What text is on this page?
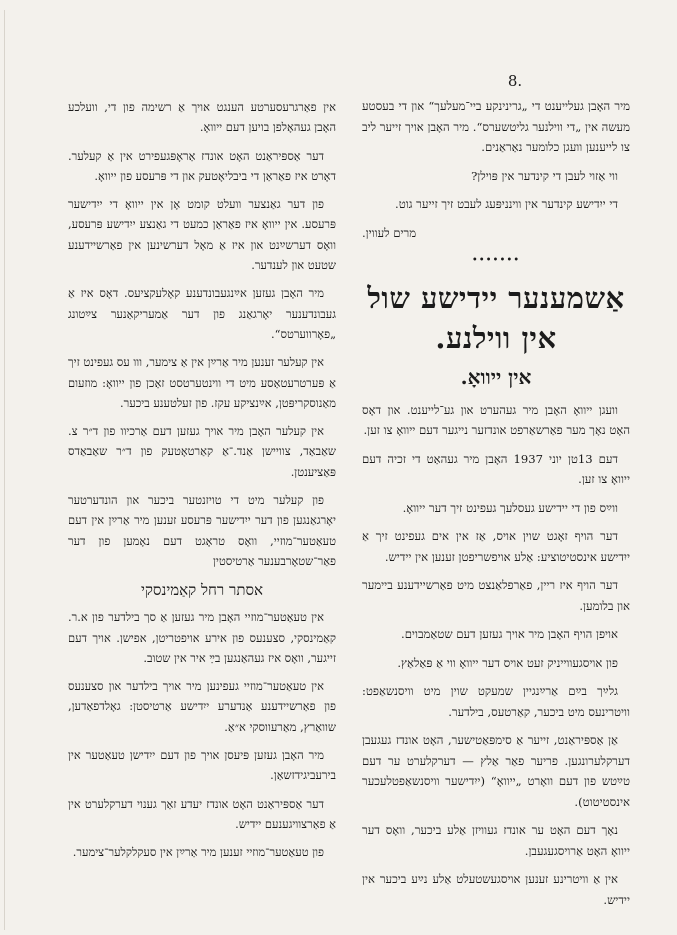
8.

מיר האָבן געלייענט די „גרינינקע ביי־מעלעך“ און די בעסטע מעשה אין „די ווילנער גליטשערס“. מיר האָבן אויך זייער ליב צו לייענען וועגן כלומער נאַראַנים.

ווי אַזוי לעבן די קינדער אין פּוילן?

די ייִדישע קינדער אין ווינניפּעג לעבט זיך זייער גוט.

מרים לעווין.
•••••••
אַשמענער יידישע שול
אין ווילנע.
אין ייוואָ.

וועגן ייוואָ האָבן מיר געהערט און גע־לייענט. און דאָס האָט נאָך מער פאַרשאַרפט אונדזער נייגער דעם ייוואָ צו זען.

דעם 13טן יוני 1937 האָבן מיר געהאַט די זכיה דעם ייוואָ צו זען.

ווײַס פון די יידישע געסלעך געפינט זיך דער ייוואָ.

דער הויף זאָגט שוין אויס, אַז אין אים געפינט זיך אַ ייִדישע אינסטיטוציע: אַלע אויפשריפטן זענען אין יידיש.

דער הויף איז ריין, פאַרפלאַנצט מיט פאַרשיידענע ביימער און בלומען.

אויפן הויף האָבן מיר אויך געזען דעם שטאַמבוים.

פון אויסגעווייניק זעט אויס דער ייוואָ ווי אַ פּאַלאַץ.

גלײַך בײַם אַרײַנגיין שמעקט שוין מיט וויסנשאַפט: וויטרינעס מיט ביכער, קאַרטעס, בילדער.

אַן אַספּיראַנט, זייער אַ סימפּאַטישער, האָט אונדז געגעבן דערקלערונגען. פריער פאַר אַלץ — דערקלערט ער דעם טײַטש פון דעם וואָרט „ייוואָ“ (ייִדישער וויסנשאַפטלעכער אינסטיטוט).

נאָך דעם האָט ער אונדז געוויזן אַלע ביכער, וואָס דער ייוואָ האָט אַרויסגעגעבן.

אין אַ וויטרינע זענען אויסגעשטעלט אַלע נײַע ביכער אין יידיש.

אין פאַרגרעסערטע הענגט אויך אַ רשימה פון די, וועלכע האָבן געהאָלפן בויען דעם ייוואָ.

דער אַספּיראַנט האָט אונדז אַראָפּגעפירט אין אַ קעלער. דאָרט איז פאַראַן די ביבליאָטעק און די פּרעסע פון ייוואָ.

פון דער גאַנצער וועלט קומט אָן אין ייוואָ די ייִדישער פּרעסע. אין ייוואָ איז פאַראַן כמעט די גאַנצע ייִדישע פּרעסע, וואָס דערשײַנט און איז אַ מאָל דערשינען אין פאַרשיידענע שטעט און לענדער.

מיר האָבן געזען אײַנגעבונדענע קאָלעקציעס. דאָס איז אַ געבונדענער יאָרגאַנג פון דער אַמעריקאַנער צײַטונג „פאָרווערטס“.

אין קעלער זענען מיר אַרײַן אין אַ צימער, ווו עס געפינט זיך אַ פּערטרעטאַסע מיט די ווינטערטסט זאַכן פון ייוואָ: מוזעום מאַנוסקריפּטן, אײַנציקע עקז. פון זעלטענע ביכער.

אין קעלער האָבן מיר אויך געזען דעם אַרכיוו פון ד״ר צ. שאַבאַד, צוויישן אַנד.־אַ קאַרטאָטעק פון ד״ר שאַבאַדס פּאַציענטן.

פון קעלער מיט די טויזנטער ביכער און הונדערטער יאָרגאַנגען פון דער ייִדישער פּרעסע זענען מיר אַרײַן אין דעם טעאַטער־מוזיי, וואָס טראָגט דעם נאָמען פון דער פאַר־שטאָרבענער אַרטיסטין

אסתר רחל קאַמינסקי

אין טעאַטער־מוזיי האָבן מיר געזען אַ סך בילדער פון א.ר. קאַמינסקי, סצענעס פון אירע אויפטריטן, אפישן. אויך דעם זייגער, וואָס איז געהאַנגען בײַ איר אין שטוב.

אין טעאַטער־מוזיי געפינען מיר אויך בילדער און סצענעס פון פאַרשיידענע אַנדערע ייִדישע אַרטיסטן: גאָלדפאַדען, שוואַרץ, מאַרעווסקי א״אַ.

מיר האָבן געזען פּיעסן אויך פון דעם ייִדישן טעאַטער אין בירעביגידזשאַן.

דער אַספּיראַנט האָט אונדז יעדע זאַך גענוי דערקלערט אין אַ פאַרצוויגענעם יידיש.

פון טעאַטער־מוזיי זענען מיר אַרײַן אין סעקלקלער־צימער.
